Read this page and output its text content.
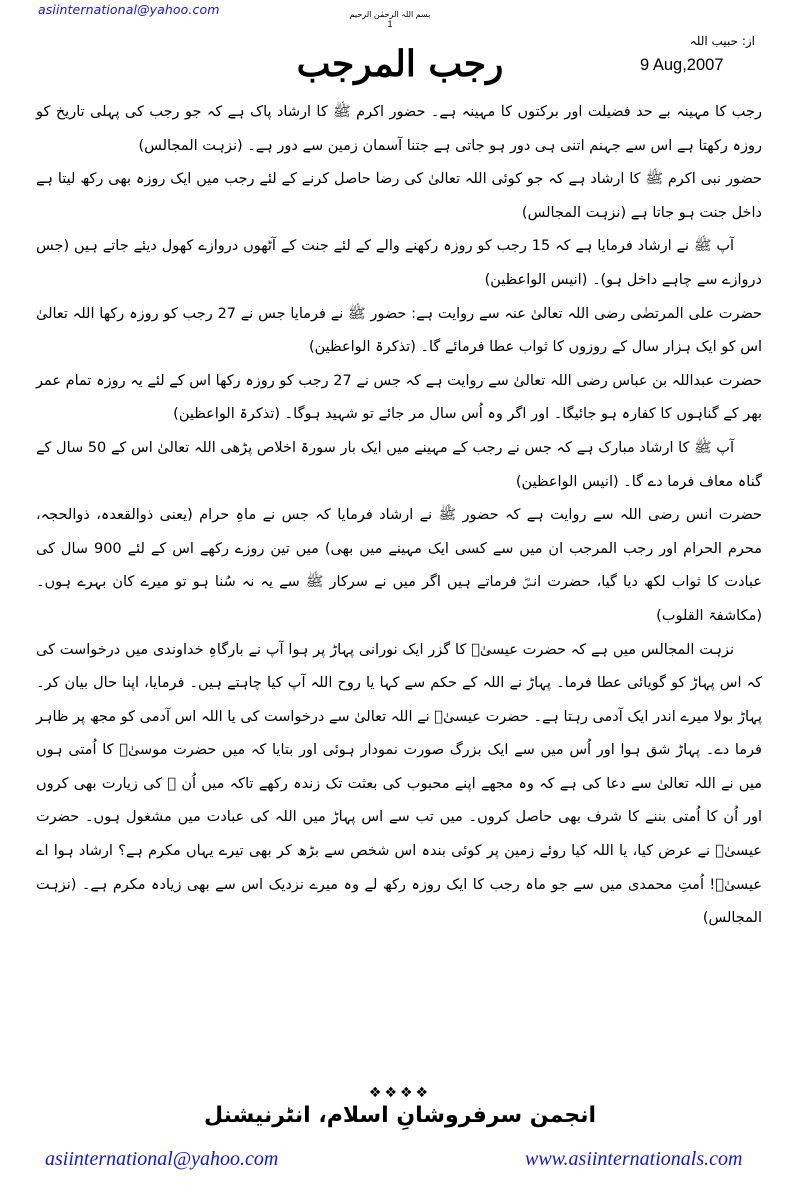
asiinternational@yahoo.com	بسم اللہ الرحمٰن الرحیم
1
از: حبیب اللہ
9 Aug,2007
رجب المرجب

رجب کا مہینہ بے حد فضیلت اور برکتوں کا مہینہ ہے۔ حضور اکرم ﷺ کا ارشاد پاک ہے کہ جو رجب کی پہلی تاریخ کو روزہ رکھتا ہے اس سے جہنم اتنی ہی دور ہو جاتی ہے جتنا آسمان زمین سے دور ہے۔ (نزہت المجالس)

حضور نبی اکرم ﷺ کا ارشاد ہے کہ جو کوئی اللہ تعالیٰ کی رضا حاصل کرنے کے لئے رجب میں ایک روزہ بھی رکھ لیتا ہے داخل جنت ہو جاتا ہے (نزہت المجالس)

آپ ﷺ نے ارشاد فرمایا ہے کہ 15 رجب کو روزہ رکھنے والے کے لئے جنت کے آٹھوں دروازے کھول دیئے جاتے ہیں (جس دروازے سے چاہے داخل ہو)۔ (انیس الواعظین)

حضرت علی المرتضٰی رضی اللہ تعالیٰ عنہ سے روایت ہے: حضور ﷺ نے فرمایا جس نے 27 رجب کو روزہ رکھا اللہ تعالیٰ اس کو ایک ہزار سال کے روزوں کا ثواب عطا فرمائے گا۔ (تذکرۃ الواعظین)

حضرت عبداللہ بن عباس رضی اللہ تعالیٰ سے روایت ہے کہ جس نے 27 رجب کو روزہ رکھا اس کے لئے یہ روزہ تمام عمر بھر کے گناہوں کا کفارہ ہو جائیگا۔ اور اگر وہ اُس سال مر جائے تو شہید ہوگا۔ (تذکرۃ الواعظین)

آپ ﷺ کا ارشاد مبارک ہے کہ جس نے رجب کے مہینے میں ایک بار سورۃ اخلاص پڑھی اللہ تعالیٰ اس کے 50 سال کے گناہ معاف فرما دے گا۔ (انیس الواعظین)

حضرت انس رضی اللہ سے روایت ہے کہ حضور ﷺ نے ارشاد فرمایا کہ جس نے ماہِ حرام (یعنی ذوالقعدہ، ذوالحجہ، محرم الحرام اور رجب المرجب ان میں سے کسی ایک مہینے میں بھی) میں تین روزے رکھے اس کے لئے 900 سال کی عبادت کا ثواب لکھ دیا گیا، حضرت انسؓ فرماتے ہیں اگر میں نے سرکار ﷺ سے یہ نہ سُنا ہو تو میرے کان بہرے ہوں۔ (مکاشفۃ القلوب)

نزہت المجالس میں ہے کہ حضرت عیسیٰؑ کا گزر ایک نورانی پہاڑ پر ہوا آپ نے بارگاہِ خداوندی میں درخواست کی کہ اس پہاڑ کو گویائی عطا فرما۔ پہاڑ نے اللہ کے حکم سے کہا یا روح اللہ آپ کیا چاہتے ہیں۔ فرمایا، اپنا حال بیان کر۔ پہاڑ بولا میرے اندر ایک آدمی رہتا ہے۔ حضرت عیسیٰؑ نے اللہ تعالیٰ سے درخواست کی یا اللہ اس آدمی کو مجھ پر ظاہر فرما دے۔ پہاڑ شق ہوا اور اُس میں سے ایک بزرگ صورت نمودار ہوئی اور بتایا کہ میں حضرت موسیٰؑ کا اُمتی ہوں میں نے اللہ تعالیٰ سے دعا کی ہے کہ وہ مجھے اپنے محبوب کی بعثت تک زندہ رکھے تاکہ میں اُن ﷺ کی زیارت بھی کروں اور اُن کا اُمتی بننے کا شرف بھی حاصل کروں۔ میں تب سے اس پہاڑ میں اللہ کی عبادت میں مشغول ہوں۔ حضرت عیسیٰؑ نے عرض کیا، یا اللہ کیا روئے زمین پر کوئی بندہ اس شخص سے بڑھ کر بھی تیرے یہاں مکرم ہے؟ ارشاد ہوا اے عیسیٰؑ! اُمتِ محمدی میں سے جو ماہ رجب کا ایک روزہ رکھ لے وہ میرے نزدیک اس سے بھی زیادہ مکرم ہے۔ (نزہت المجالس)

❖❖❖❖
انجمن سرفروشانِ اسلام، انٹرنیشنل
asiinternational@yahoo.com	www.asiinternationals.com
